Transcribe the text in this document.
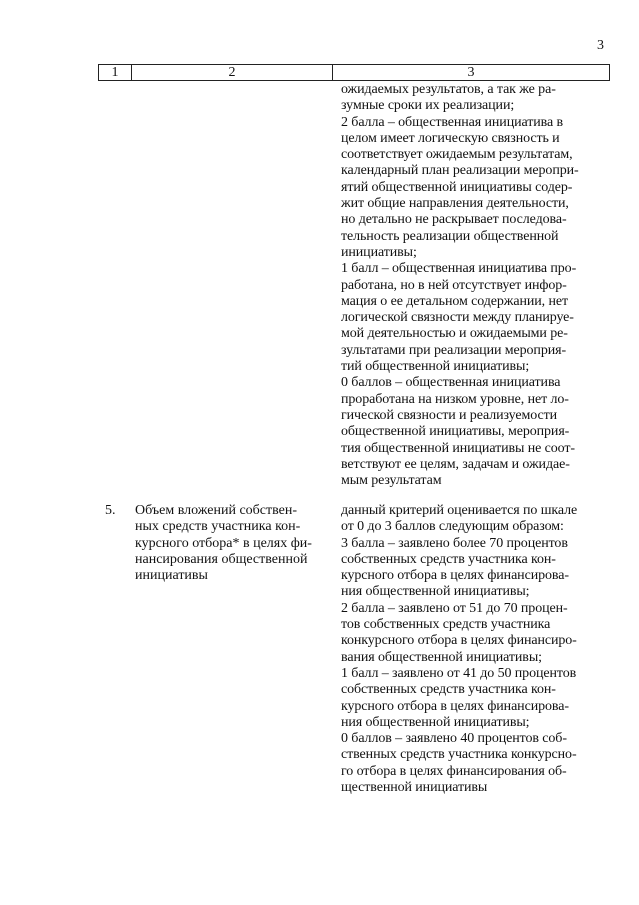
3
1	2	3

ожидаемых результатов, а так же ра-
зумные сроки их реализации;

2 балла – общественная инициатива в
целом имеет логическую связность и
соответствует ожидаемым результатам,
календарный план реализации меропри-
ятий общественной инициативы содер-
жит общие направления деятельности,
но детально не раскрывает последова-
тельность реализации общественной
инициативы;

1 балл – общественная инициатива про-
работана, но в ней отсутствует инфор-
мация о ее детальном содержании, нет
логической связности между планируе-
мой деятельностью и ожидаемыми ре-
зультатами при реализации мероприя-
тий общественной инициативы;

0 баллов – общественная инициатива
проработана на низком уровне, нет ло-
гической связности и реализуемости
общественной инициативы, мероприя-
тия общественной инициативы не соот-
ветствуют ее целям, задачам и ожидае-
мым результатам

5. Объем вложений собствен-
ных средств участника кон-
курсного отбора* в целях фи-
нансирования общественной
инициативы

данный критерий оценивается по шкале
от 0 до 3 баллов следующим образом:

3 балла – заявлено более 70 процентов
собственных средств участника кон-
курсного отбора в целях финансирова-
ния общественной инициативы;

2 балла – заявлено от 51 до 70 процен-
тов собственных средств участника
конкурсного отбора в целях финансиро-
вания общественной инициативы;

1 балл – заявлено от 41 до 50 процентов
собственных средств участника кон-
курсного отбора в целях финансирова-
ния общественной инициативы;

0 баллов – заявлено 40 процентов соб-
ственных средств участника конкурсно-
го отбора в целях финансирования об-
щественной инициативы
